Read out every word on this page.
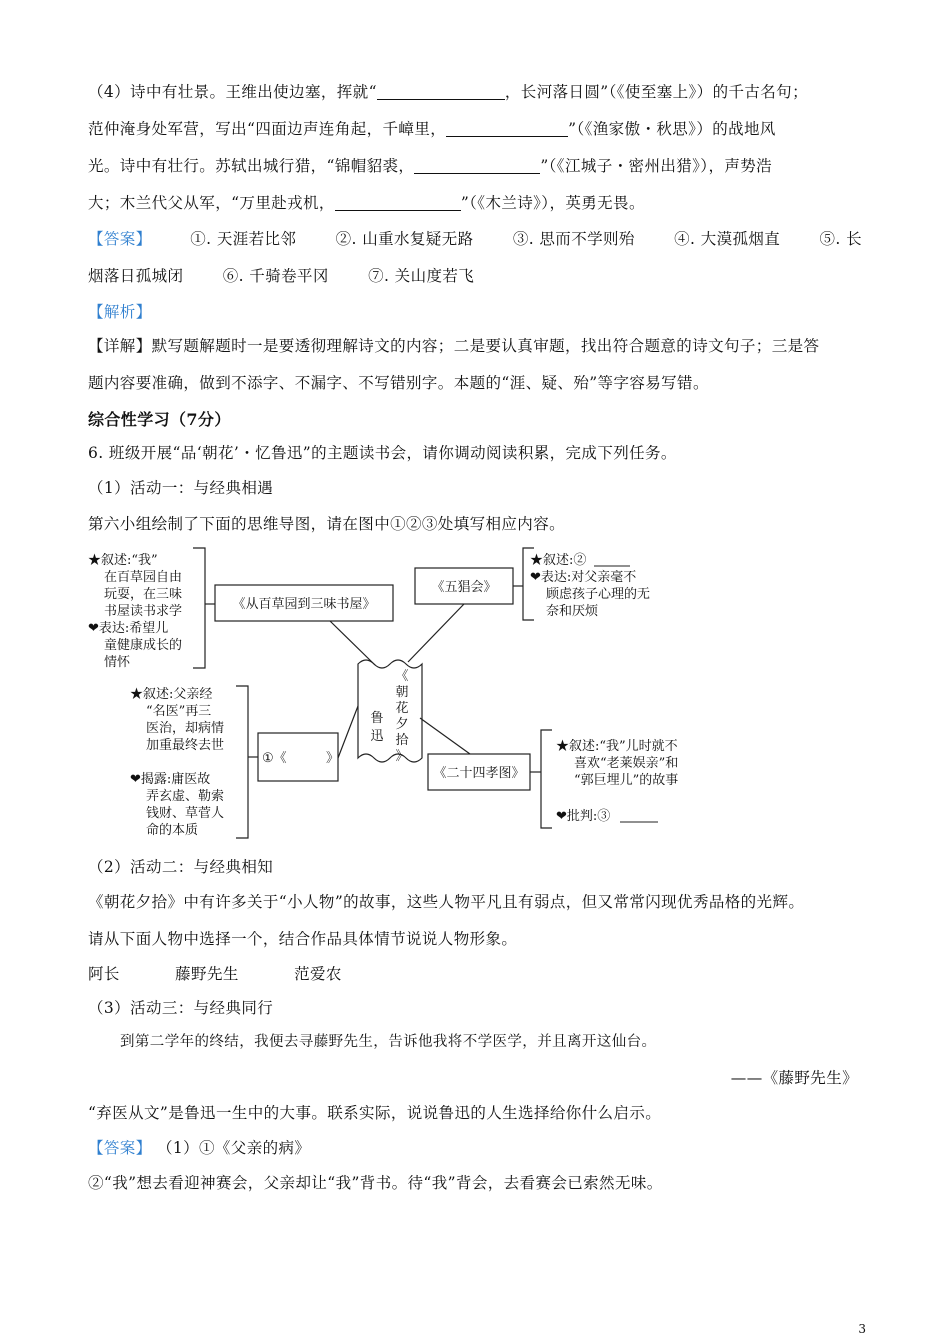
（4）诗中有壮景。王维出使边塞，挥就“	，长河落日圆”（《使至塞上》）的千古名句；

范仲淹身处军营，写出“四面边声连角起，千嶂里，	”（《渔家傲・秋思》）的战地风

光。诗中有壮行。苏轼出城行猎，“锦帽貂裘，	”（《江城子・密州出猎》），声势浩

大；木兰代父从军，“万里赴戎机，	”（《木兰诗》），英勇无畏。

【答案】 ①. 天涯若比邻	②. 山重水复疑无路	③. 思而不学则殆	④. 大漠孤烟直	⑤. 长

烟落日孤城闭	⑥. 千骑卷平冈	⑦. 关山度若飞

【解析】

【详解】默写题解题时一是要透彻理解诗文的内容；二是要认真审题，找出符合题意的诗文句子；三是答

题内容要准确，做到不添字、不漏字、不写错别字。本题的“涯、疑、殆”等字容易写错。

综合性学习（7分）

6. 班级开展“品‘朝花’・忆鲁迅”的主题读书会，请你调动阅读积累，完成下列任务。

（1）活动一：与经典相遇

第六小组绘制了下面的思维导图，请在图中①②③处填写相应内容。

★叙述:“我”
在百草园自由
玩耍，在三味
书屋读书求学
❤表达:希望儿
童健康成长的
情怀
《从百草园到三味书屋》
《五猖会》
★叙述:②
❤表达:对父亲毫不
顾虑孩子心理的无
奈和厌烦
《
朝
花
夕
拾
》
鲁
迅
①《	》
★叙述:父亲经
“名医”再三
医治，却病情
加重最终去世
❤揭露:庸医故
弄玄虚、勒索
钱财、草菅人
命的本质
《二十四孝图》
★叙述:“我”儿时就不
喜欢“老莱娱亲”和
“郭巨埋儿”的故事
❤批判:③

（2）活动二：与经典相知

《朝花夕拾》中有许多关于“小人物”的故事，这些人物平凡且有弱点，但又常常闪现优秀品格的光辉。

请从下面人物中选择一个，结合作品具体情节说说人物形象。

阿长	藤野先生	范爱农

（3）活动三：与经典同行

到第二学年的终结，我便去寻藤野先生，告诉他我将不学医学，并且离开这仙台。

——《藤野先生》

“弃医从文”是鲁迅一生中的大事。联系实际，说说鲁迅的人生选择给你什么启示。

【答案】 （1）①《父亲的病》

②“我”想去看迎神赛会，父亲却让“我”背书。待“我”背会，去看赛会已索然无味。

3
